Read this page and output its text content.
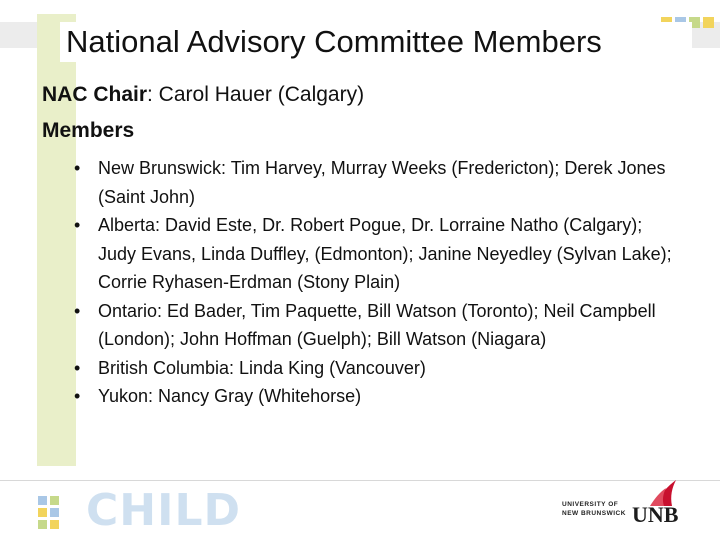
National Advisory Committee Members

NAC Chair: Carol Hauer (Calgary)

Members

• New Brunswick: Tim Harvey, Murray Weeks (Fredericton); Derek Jones (Saint John)
• Alberta: David Este, Dr. Robert Pogue, Dr. Lorraine Natho (Calgary); Judy Evans, Linda Duffley, (Edmonton); Janine Neyedley (Sylvan Lake); Corrie Ryhasen-Erdman (Stony Plain)
• Ontario: Ed Bader, Tim Paquette, Bill Watson (Toronto); Neil Campbell (London); John Hoffman (Guelph); Bill Watson (Niagara)
• British Columbia: Linda King (Vancouver)
• Yukon: Nancy Gray (Whitehorse)
CHILD	UNIVERSITY OF
NEW BRUNSWICK UNB
